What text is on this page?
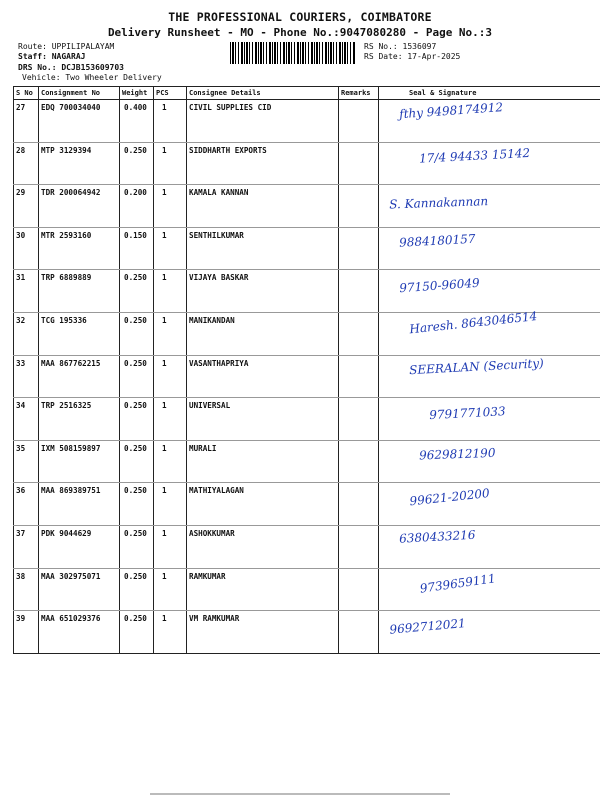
THE PROFESSIONAL COURIERS, COIMBATORE
Delivery Runsheet - MO - Phone No.:9047080280 - Page No.:3
Route: UPPILIPALAYAM
Staff: NAGARAJ
DRS No.: DCJB153609703
Vehicle: Two Wheeler Delivery
RS No.: 1536097
RS Date: 17-Apr-2025
S No	Consignment No	Weight	PCS	Consignee Details	Remarks	Seal & Signature
27	EDQ 700034040	0.400	1	CIVIL SUPPLIES CID		ƒthy 9498174912

28	MTP 3129394	0.250	1	SIDDHARTH EXPORTS		17/4 94433 15142

29	TDR 200064942	0.200	1	KAMALA KANNAN		S. Kannakannan

30	MTR 2593160	0.150	1	SENTHILKUMAR		9884180157

31	TRP 6889889	0.250	1	VIJAYA BASKAR		97150-96049

32	TCG 195336	0.250	1	MANIKANDAN		Haresh. 8643046514

33	MAA 867762215	0.250	1	VASANTHAPRIYA		SEERALAN (Security)

34	TRP 2516325	0.250	1	UNIVERSAL		9791771033

35	IXM 508159897	0.250	1	MURALI		9629812190

36	MAA 869389751	0.250	1	MATHIYALAGAN		99621-20200

37	PDK 9044629	0.250	1	ASHOKKUMAR		6380433216

38	MAA 302975071	0.250	1	RAMKUMAR		9739659111

39	MAA 651029376	0.250	1	VM RAMKUMAR		9692712021
